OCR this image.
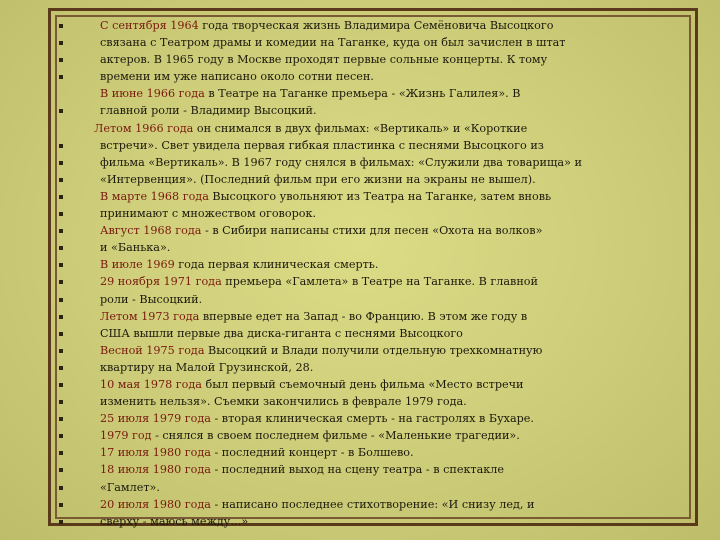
С сентября 1964 года творческая жизнь Владимира Семёновича Высоцкого
связана с Театром драмы и комедии на Таганке, куда он был зачислен в штат
актеров. В 1965 году в Москве проходят первые сольные концерты. К тому
времени им уже написано около сотни песен.
В июне 1966 года в Театре на Таганке премьера - «Жизнь Галилея». В
главной роли - Владимир Высоцкий.
Летом 1966 года он снимался в двух фильмах: «Вертикаль» и «Короткие
встречи». Свет увидела первая гибкая пластинка с песнями Высоцкого из
фильма «Вертикаль». В 1967 году снялся в фильмах: «Служили два товарища» и
«Интервенция». (Последний фильм при его жизни на экраны не вышел).
В марте 1968 года Высоцкого увольняют из Театра на Таганке, затем вновь
принимают с множеством оговорок.
Август 1968 года - в Сибири написаны стихи для песен «Охота на волков»
и «Банька».
В июле 1969 года первая клиническая смерть.
29 ноября 1971 года премьера «Гамлета» в Театре на Таганке. В главной
роли - Высоцкий.
Летом 1973 года впервые едет на Запад - во Францию. В этом же году в
США вышли первые два диска-гиганта с песнями Высоцкого
Весной 1975 года Высоцкий и Влади получили отдельную трехкомнатную
квартиру на Малой Грузинской, 28.
10 мая 1978 года был первый съемочный день фильма «Место встречи
изменить нельзя». Съемки закончились в феврале 1979 года.
25 июля 1979 года - вторая клиническая смерть - на гастролях в Бухаре.
1979 год - снялся в своем последнем фильме - «Маленькие трагедии».
17 июля 1980 года - последний концерт - в Болшево.
18 июля 1980 года - последний выход на сцену театра - в спектакле
«Гамлет».
20 июля 1980 года - написано последнее стихотворение: «И снизу лед, и
сверху - маюсь между…»
